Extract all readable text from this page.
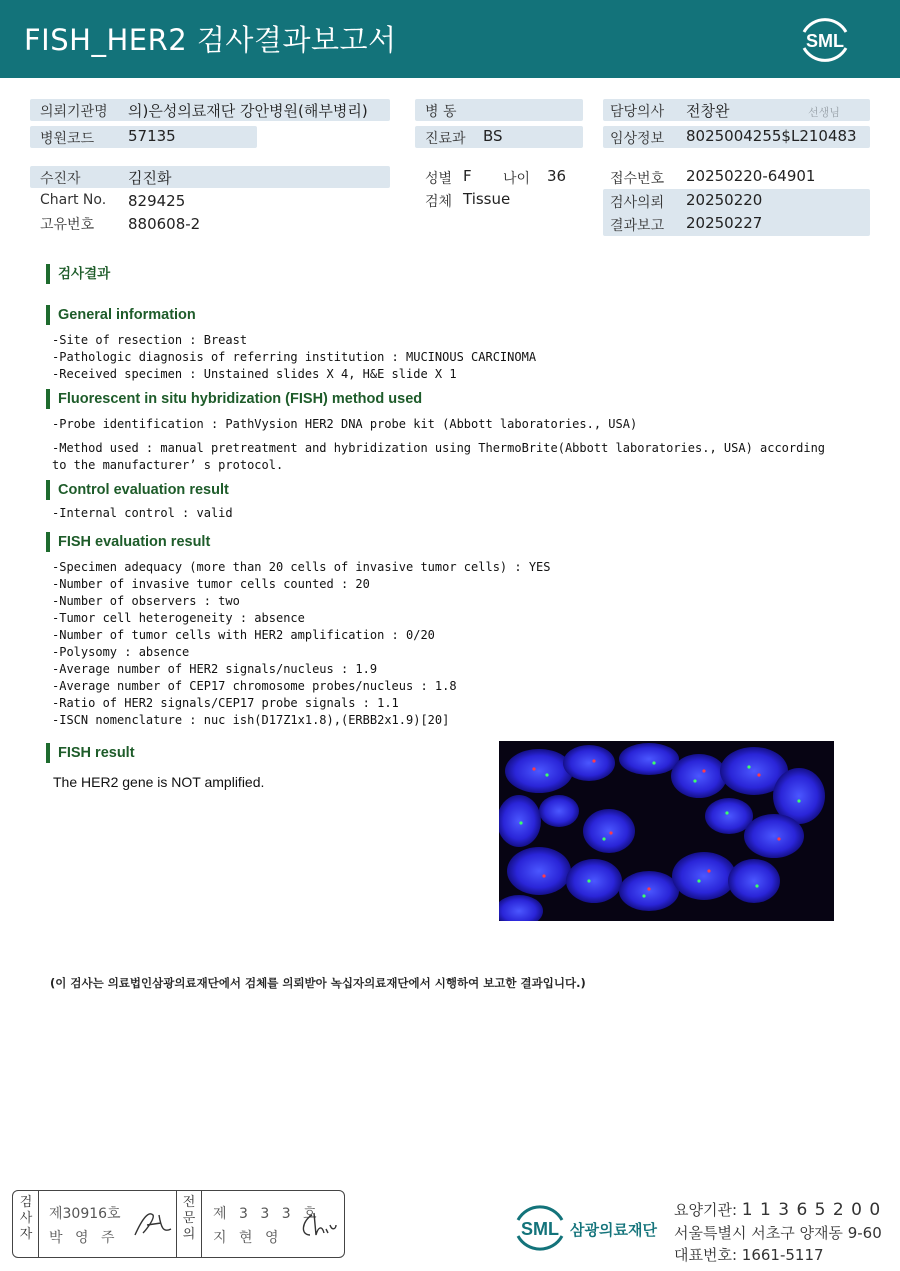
FISH_HER2 검사결과보고서	SML
의뢰기관명 의)은성의료재단 강안병원(해부병리)
병원코드 57135
병 동
진료과 BS
담당의사 전창완	선생님
임상정보 8025004255$L210483
수진자	김진화
Chart No. 829425
고유번호 880608-2
성별 F 나이 36
검체 Tissue
접수번호 20250220-64901
검사의뢰 20250220
결과보고 20250227
검사결과
General information
-Site of resection : Breast
-Pathologic diagnosis of referring institution : MUCINOUS CARCINOMA
-Received specimen : Unstained slides X 4, H&E slide X 1
Fluorescent in situ hybridization (FISH) method used
-Probe identification : PathVysion HER2 DNA probe kit (Abbott laboratories., USA)
-Method used : manual pretreatment and hybridization using ThermoBrite(Abbott laboratories., USA) according
to the manufacturer’ s protocol.
Control evaluation result
-Internal control : valid
FISH evaluation result
-Specimen adequacy (more than 20 cells of invasive tumor cells) : YES
-Number of invasive tumor cells counted : 20
-Number of observers : two
-Tumor cell heterogeneity : absence
-Number of tumor cells with HER2 amplification : 0/20
-Polysomy : absence
-Average number of HER2 signals/nucleus : 1.9
-Average number of CEP17 chromosome probes/nucleus : 1.8
-Ratio of HER2 signals/CEP17 probe signals : 1.1
-ISCN nomenclature : nuc ish(D17Z1x1.8),(ERBB2x1.9)[20]
FISH result
The HER2 gene is NOT amplified.
(이 검사는 의료법인삼광의료재단에서 검체를 의뢰받아 녹십자의료재단에서 시행하여 보고한 결과입니다.)
검사자
제30916호
박 영 주
전문의
제 3 3 3 호
지 현 영	SML 삼광의료재단
요양기관: 1 1 3 6 5 2 0 0
서울특별시 서초구 양재동 9-60
대표번호: 1661-5117
